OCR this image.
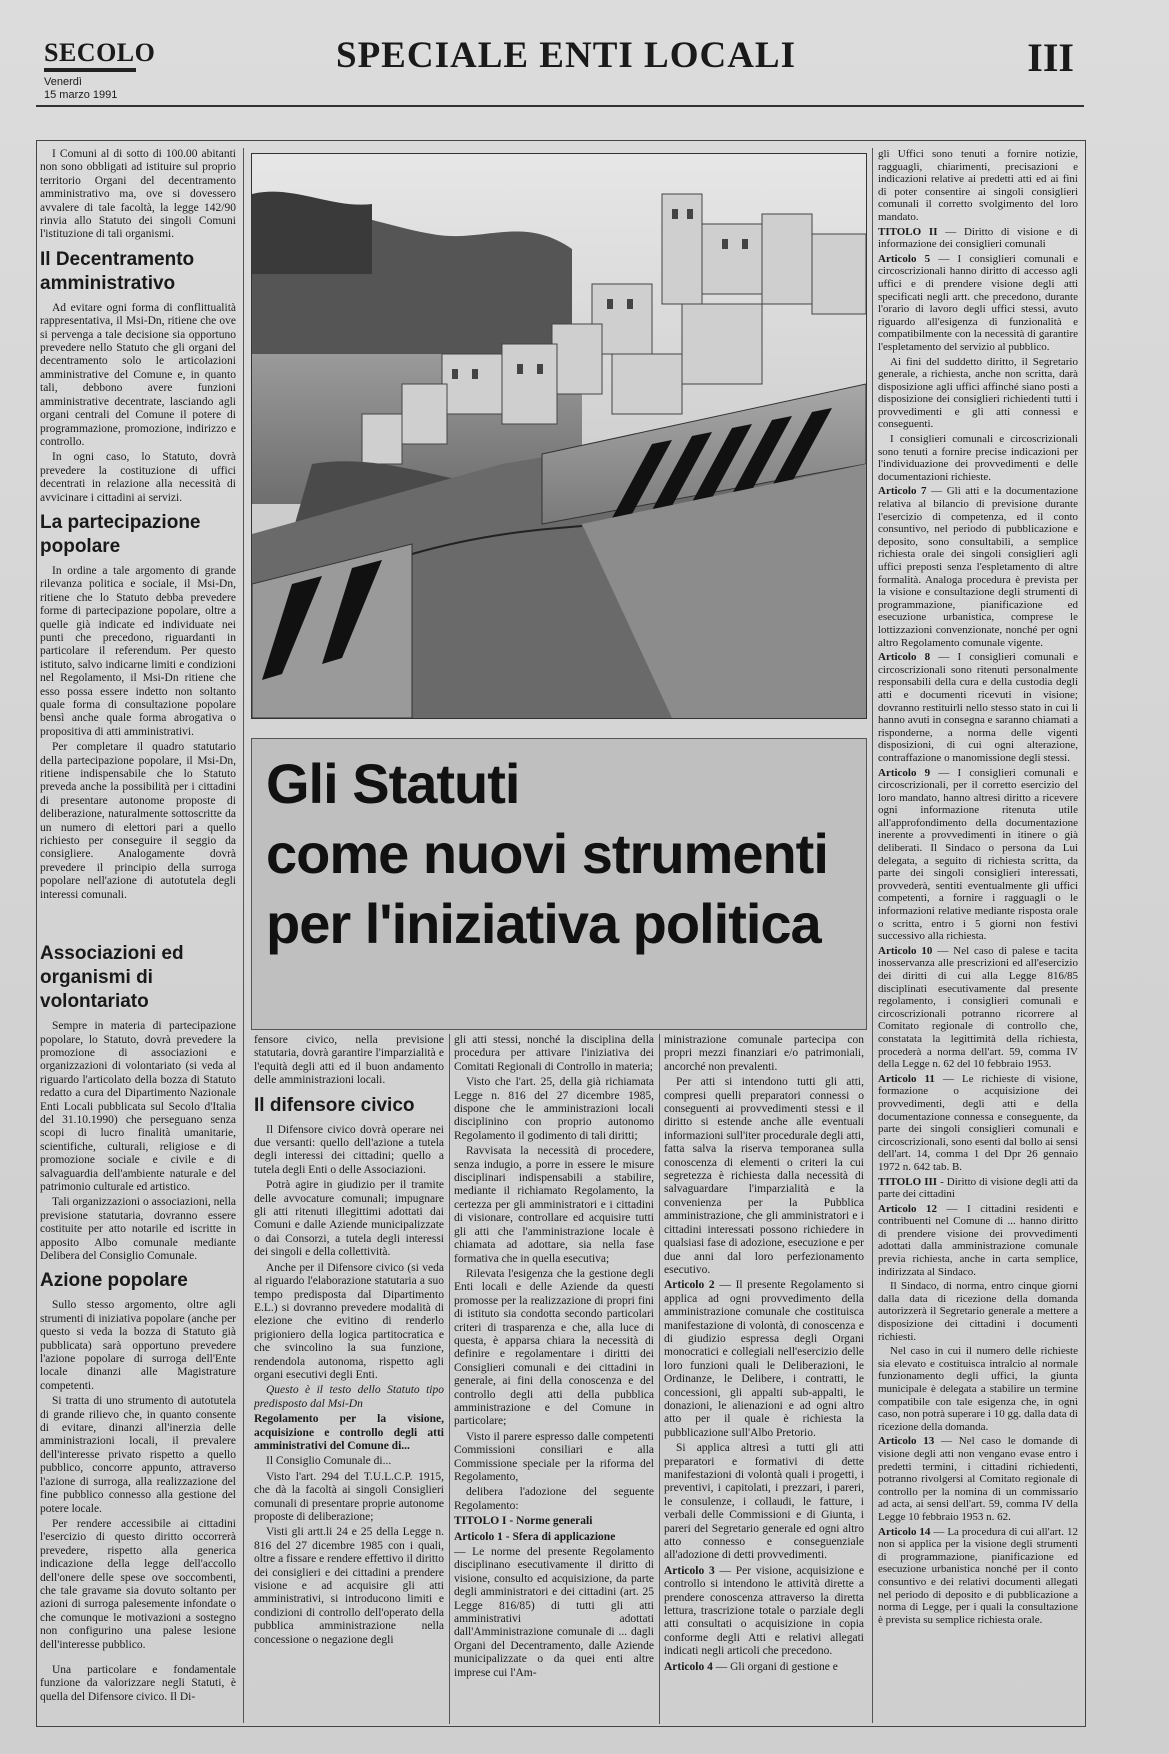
SECOLO
Venerdì
15 marzo 1991
SPECIALE ENTI LOCALI	III

I Comuni al di sotto di 100.00 abitanti non sono obbligati ad istituire sul proprio territorio Organi del decentramento amministrativo ma, ove si dovessero avvalere di tale facoltà, la legge 142/90 rinvia allo Statuto dei singoli Comuni l'istituzione di tali organismi.

Il Decentramento amministrativo

Ad evitare ogni forma di conflittualità rappresentativa, il Msi-Dn, ritiene che ove si pervenga a tale decisione sia opportuno prevedere nello Statuto che gli organi del decentramento solo le articolazioni amministrative del Comune e, in quanto tali, debbono avere funzioni amministrative decentrate, lasciando agli organi centrali del Comune il potere di programmazione, promozione, indirizzo e controllo.

In ogni caso, lo Statuto, dovrà prevedere la costituzione di uffici decentrati in relazione alla necessità di avvicinare i cittadini ai servizi.

La partecipazione popolare

In ordine a tale argomento di grande rilevanza politica e sociale, il Msi-Dn, ritiene che lo Statuto debba prevedere forme di partecipazione popolare, oltre a quelle già indicate ed individuate nei punti che precedono, riguardanti in particolare il referendum. Per questo istituto, salvo indicarne limiti e condizioni nel Regolamento, il Msi-Dn ritiene che esso possa essere indetto non soltanto quale forma di consultazione popolare bensì anche quale forma abrogativa o propositiva di atti amministrativi.

Per completare il quadro statutario della partecipazione popolare, il Msi-Dn, ritiene indispensabile che lo Statuto preveda anche la possibilità per i cittadini di presentare autonome proposte di deliberazione, naturalmente sottoscritte da un numero di elettori pari a quello richiesto per conseguire il seggio da consigliere. Analogamente dovrà prevedere il principio della surroga popolare nell'azione di autotutela degli interessi comunali.

Associazioni ed organismi di volontariato

Sempre in materia di partecipazione popolare, lo Statuto, dovrà prevedere la promozione di associazioni e organizzazioni di volontariato (si veda al riguardo l'articolato della bozza di Statuto redatto a cura del Dipartimento Nazionale Enti Locali pubblicata sul Secolo d'Italia del 31.10.1990) che perseguano senza scopi di lucro finalità umanitarie, scientifiche, culturali, religiose e di promozione sociale e civile e di salvaguardia dell'ambiente naturale e del patrimonio culturale ed artistico.

Tali organizzazioni o associazioni, nella previsione statutaria, dovranno essere costituite per atto notarile ed iscritte in apposito Albo comunale mediante Delibera del Consiglio Comunale.

Azione popolare

Sullo stesso argomento, oltre agli strumenti di iniziativa popolare (anche per questo si veda la bozza di Statuto già pubblicata) sarà opportuno prevedere l'azione popolare di surroga dell'Ente locale dinanzi alle Magistrature competenti.

Si tratta di uno strumento di autotutela di grande rilievo che, in quanto consente di evitare, dinanzi all'inerzia delle amministrazioni locali, il prevalere dell'interesse privato rispetto a quello pubblico, concorre appunto, attraverso l'azione di surroga, alla realizzazione del fine pubblico connesso alla gestione del potere locale.

Per rendere accessibile ai cittadini l'esercizio di questo diritto occorrerà prevedere, rispetto alla generica indicazione della legge dell'accollo dell'onere delle spese ove soccombenti, che tale gravame sia dovuto soltanto per azioni di surroga palesemente infondate o che comunque le motivazioni a sostegno non configurino una palese lesione dell'interesse pubblico.

Una particolare e fondamentale funzione da valorizzare negli Statuti, è quella del Difensore civico. Il Di-

Gli Statuti
come nuovi strumenti
per l'iniziativa politica

fensore civico, nella previsione statutaria, dovrà garantire l'imparzialità e l'equità degli atti ed il buon andamento delle amministrazioni locali.

Il difensore civico

Il Difensore civico dovrà operare nei due versanti: quello dell'azione a tutela degli interessi dei cittadini; quello a tutela degli Enti o delle Associazioni.

Potrà agire in giudizio per il tramite delle avvocature comunali; impugnare gli atti ritenuti illegittimi adottati dai Comuni e dalle Aziende municipalizzate o dai Consorzi, a tutela degli interessi dei singoli e della collettività.

Anche per il Difensore civico (si veda al riguardo l'elaborazione statutaria a suo tempo predisposta dal Dipartimento E.L.) si dovranno prevedere modalità di elezione che evitino di renderlo prigioniero della logica partitocratica e che svincolino la sua funzione, rendendola autonoma, rispetto agli organi esecutivi degli Enti.

Questo è il testo dello Statuto tipo predisposto dal Msi-Dn

Regolamento per la visione, acquisizione e controllo degli atti amministrativi del Comune di...

Il Consiglio Comunale di...

Visto l'art. 294 del T.U.L.C.P. 1915, che dà la facoltà ai singoli Consiglieri comunali di presentare proprie autonome proposte di deliberazione;

Visti gli artt.li 24 e 25 della Legge n. 816 del 27 dicembre 1985 con i quali, oltre a fissare e rendere effettivo il diritto dei consiglieri e dei cittadini a prendere visione e ad acquisire gli atti amministrativi, si introducono limiti e condizioni di controllo dell'operato della pubblica amministrazione nella concessione o negazione degli

gli atti stessi, nonché la disciplina della procedura per attivare l'iniziativa dei Comitati Regionali di Controllo in materia;

Visto che l'art. 25, della già richiamata Legge n. 816 del 27 dicembre 1985, dispone che le amministrazioni locali disciplinino con proprio autonomo Regolamento il godimento di tali diritti;

Ravvisata la necessità di procedere, senza indugio, a porre in essere le misure disciplinari indispensabili a stabilire, mediante il richiamato Regolamento, la certezza per gli amministratori e i cittadini di visionare, controllare ed acquisire tutti gli atti che l'amministrazione locale è chiamata ad adottare, sia nella fase formativa che in quella esecutiva;

Rilevata l'esigenza che la gestione degli Enti locali e delle Aziende da questi promosse per la realizzazione di propri fini di istituto sia condotta secondo particolari criteri di trasparenza e che, alla luce di questa, è apparsa chiara la necessità di definire e regolamentare i diritti dei Consiglieri comunali e dei cittadini in generale, ai fini della conoscenza e del controllo degli atti della pubblica amministrazione e del Comune in particolare;

Visto il parere espresso dalle competenti Commissioni consiliari e alla Commissione speciale per la riforma del Regolamento,

delibera l'adozione del seguente Regolamento:

TITOLO I - Norme generali

Articolo 1 - Sfera di applicazione

— Le norme del presente Regolamento disciplinano esecutivamente il diritto di visione, consulto ed acquisizione, da parte degli amministratori e dei cittadini (art. 25 Legge 816/85) di tutti gli atti amministrativi adottati dall'Amministrazione comunale di ... dagli Organi del Decentramento, dalle Aziende municipalizzate o da quei enti altre imprese cui l'Am-

ministrazione comunale partecipa con propri mezzi finanziari e/o patrimoniali, ancorché non prevalenti.

Per atti si intendono tutti gli atti, compresi quelli preparatori connessi o conseguenti ai provvedimenti stessi e il diritto si estende anche alle eventuali informazioni sull'iter procedurale degli atti, fatta salva la riserva temporanea sulla conoscenza di elementi o criteri la cui segretezza è richiesta dalla necessità di salvaguardare l'imparzialità e la convenienza per la Pubblica amministrazione, che gli amministratori e i cittadini interessati possono richiedere in qualsiasi fase di adozione, esecuzione e per due anni dal loro perfezionamento esecutivo.

Articolo 2 — Il presente Regolamento si applica ad ogni provvedimento della amministrazione comunale che costituisca manifestazione di volontà, di conoscenza e di giudizio espressa degli Organi monocratici e collegiali nell'esercizio delle loro funzioni quali le Deliberazioni, le Ordinanze, le Delibere, i contratti, le concessioni, gli appalti sub-appalti, le donazioni, le alienazioni e ad ogni altro atto per il quale è richiesta la pubblicazione sull'Albo Pretorio.

Si applica altresì a tutti gli atti preparatori e formativi di dette manifestazioni di volontà quali i progetti, i preventivi, i capitolati, i prezzari, i pareri, le consulenze, i collaudi, le fatture, i verbali delle Commissioni e di Giunta, i pareri del Segretario generale ed ogni altro atto connesso e conseguenziale all'adozione di detti provvedimenti.

Articolo 3 — Per visione, acquisizione e controllo si intendono le attività dirette a prendere conoscenza attraverso la diretta lettura, trascrizione totale o parziale degli atti consultati o acquisizione in copia conforme degli Atti e relativi allegati indicati negli articoli che precedono.

Articolo 4 — Gli organi di gestione e

gli Uffici sono tenuti a fornire notizie, ragguagli, chiarimenti, precisazioni e indicazioni relative ai predetti atti ed ai fini di poter consentire ai singoli consiglieri comunali il corretto svolgimento del loro mandato.

TITOLO II — Diritto di visione e di informazione dei consiglieri comunali

Articolo 5 — I consiglieri comunali e circoscrizionali hanno diritto di accesso agli uffici e di prendere visione degli atti specificati negli artt. che precedono, durante l'orario di lavoro degli uffici stessi, avuto riguardo all'esigenza di funzionalità e compatibilmente con la necessità di garantire l'espletamento del servizio al pubblico.

Ai fini del suddetto diritto, il Segretario generale, a richiesta, anche non scritta, darà disposizione agli uffici affinché siano posti a disposizione dei consiglieri richiedenti tutti i provvedimenti e gli atti connessi e conseguenti.

I consiglieri comunali e circoscrizionali sono tenuti a fornire precise indicazioni per l'individuazione dei provvedimenti e delle documentazioni richieste.

Articolo 7 — Gli atti e la documentazione relativa al bilancio di previsione durante l'esercizio di competenza, ed il conto consuntivo, nel periodo di pubblicazione e deposito, sono consultabili, a semplice richiesta orale dei singoli consiglieri agli uffici preposti senza l'espletamento di altre formalità. Analoga procedura è prevista per la visione e consultazione degli strumenti di programmazione, pianificazione ed esecuzione urbanistica, comprese le lottizzazioni convenzionate, nonché per ogni altro Regolamento comunale vigente.

Articolo 8 — I consiglieri comunali e circoscrizionali sono ritenuti personalmente responsabili della cura e della custodia degli atti e documenti ricevuti in visione; dovranno restituirli nello stesso stato in cui li hanno avuti in consegna e saranno chiamati a risponderne, a norma delle vigenti disposizioni, di cui ogni alterazione, contraffazione o manomissione degli stessi.

Articolo 9 — I consiglieri comunali e circoscrizionali, per il corretto esercizio del loro mandato, hanno altresì diritto a ricevere ogni informazione ritenuta utile all'approfondimento della documentazione inerente a provvedimenti in itinere o già deliberati. Il Sindaco o persona da Lui delegata, a seguito di richiesta scritta, da parte dei singoli consiglieri interessati, provvederà, sentiti eventualmente gli uffici competenti, a fornire i ragguagli o le informazioni relative mediante risposta orale o scritta, entro i 5 giorni non festivi successivo alla richiesta.

Articolo 10 — Nel caso di palese e tacita inosservanza alle prescrizioni ed all'esercizio dei diritti di cui alla Legge 816/85 disciplinati esecutivamente dal presente regolamento, i consiglieri comunali e circoscrizionali potranno ricorrere al Comitato regionale di controllo che, constatata la legittimità della richiesta, procederà a norma dell'art. 59, comma IV della Legge n. 62 del 10 febbraio 1953.

Articolo 11 — Le richieste di visione, formazione o acquisizione dei provvedimenti, degli atti e della documentazione connessa e conseguente, da parte dei singoli consiglieri comunali e circoscrizionali, sono esenti dal bollo ai sensi dell'art. 14, comma 1 del Dpr 26 gennaio 1972 n. 642 tab. B.

TITOLO III - Diritto di visione degli atti da parte dei cittadini

Articolo 12 — I cittadini residenti e contribuenti nel Comune di ... hanno diritto di prendere visione dei provvedimenti adottati dalla amministrazione comunale previa richiesta, anche in carta semplice, indirizzata al Sindaco.

Il Sindaco, di norma, entro cinque giorni dalla data di ricezione della domanda autorizzerà il Segretario generale a mettere a disposizione dei cittadini i documenti richiesti.

Nel caso in cui il numero delle richieste sia elevato e costituisca intralcio al normale funzionamento degli uffici, la giunta municipale è delegata a stabilire un termine compatibile con tale esigenza che, in ogni caso, non potrà superare i 10 gg. dalla data di ricezione della domanda.

Articolo 13 — Nel caso le domande di visione degli atti non vengano evase entro i predetti termini, i cittadini richiedenti, potranno rivolgersi al Comitato regionale di controllo per la nomina di un commissario ad acta, ai sensi dell'art. 59, comma IV della Legge 10 febbraio 1953 n. 62.

Articolo 14 — La procedura di cui all'art. 12 non si applica per la visione degli strumenti di programmazione, pianificazione ed esecuzione urbanistica nonché per il conto consuntivo e dei relativi documenti allegati nel periodo di deposito e di pubblicazione a norma di Legge, per i quali la consultazione è prevista su semplice richiesta orale.
